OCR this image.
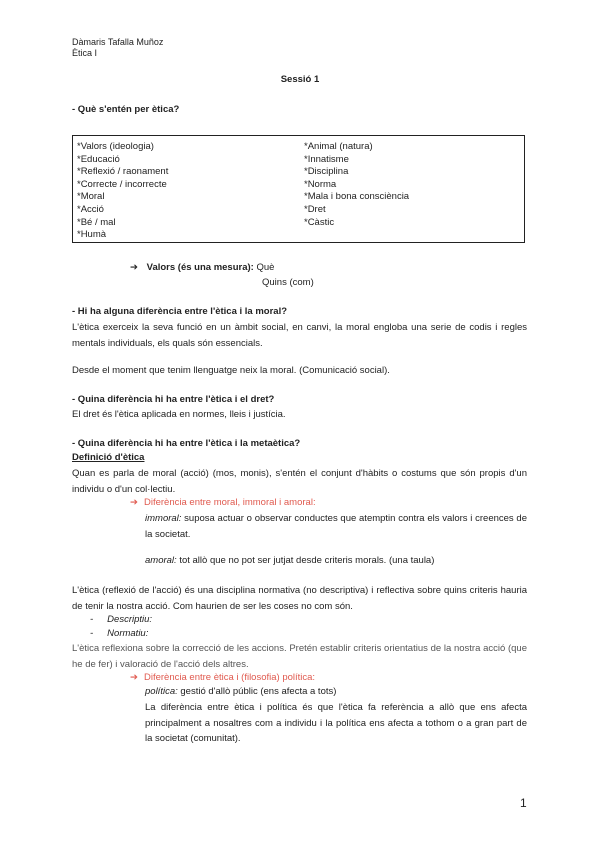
Dàmaris Tafalla Muñoz
Ètica I
Sessió 1
- Què s'entén per ètica?
*Valors (ideologia)
*Educació
*Reflexió / raonament
*Correcte / incorrecte
*Moral
*Acció
*Bé / mal
*Humà
*Animal (natura)
*Innatisme
*Disciplina
*Norma
*Mala i bona consciència
*Dret
*Càstic
➔ Valors (és una mesura): Què
Quins (com)
- Hi ha alguna diferència entre l'ètica i la moral?
L'ètica exerceix la seva funció en un àmbit social, en canvi, la moral engloba una serie de codis i regles mentals individuals, els quals són essencials.
Desde el moment que tenim llenguatge neix la moral. (Comunicació social).
- Quina diferència hi ha entre l'ètica i el dret?
El dret és l'ètica aplicada en normes, lleis i justícia.
- Quina diferència hi ha entre l'ètica i la metaètica?
Definició d'ètica
Quan es parla de moral (acció) (mos, monis), s'entén el conjunt d'hàbits o costums que són propis d'un individu o d'un col·lectiu.
➔ Diferència entre moral, immoral i amoral:
immoral: suposa actuar o observar conductes que atemptin contra els valors i creences de la societat.
amoral: tot allò que no pot ser jutjat desde criteris morals. (una taula)
L'ètica (reflexió de l'acció) és una disciplina normativa (no descriptiva) i reflectiva sobre quins criteris hauria de tenir la nostra acció. Com haurien de ser les coses no com són.
- Descriptiu:
- Normatiu:
L'ètica reflexiona sobre la correcció de les accions. Pretén establir criteris orientatius de la nostra acció (que he de fer) i valoració de l'acció dels altres.
➔ Diferència entre ètica i (filosofia) política:
política: gestió d'allò públic (ens afecta a tots)
La diferència entre ètica i política és que l'ètica fa referència a allò que ens afecta principalment a nosaltres com a individu i la política ens afecta a tothom o a gran part de la societat (comunitat).
1
